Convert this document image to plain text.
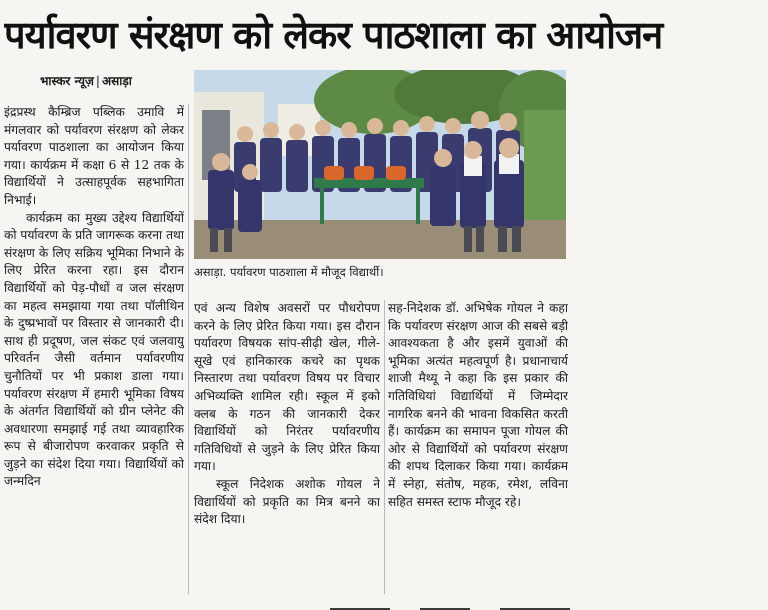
पर्यावरण संरक्षण को लेकर पाठशाला का आयोजन
भास्कर न्यूज़ | असाड़ा

इंद्रप्रस्थ कैम्ब्रिज पब्लिक उमावि में मंगलवार को पर्यावरण संरक्षण को लेकर पर्यावरण पाठशाला का आयोजन किया गया। कार्यक्रम में कक्षा 6 से 12 तक के विद्यार्थियों ने उत्साहपूर्वक सहभागिता निभाई।

कार्यक्रम का मुख्य उद्देश्य विद्यार्थियों को पर्यावरण के प्रति जागरूक करना तथा संरक्षण के लिए सक्रिय भूमिका निभाने के लिए प्रेरित करना रहा। इस दौरान विद्यार्थियों को पेड़-पौधों व जल संरक्षण का महत्व समझाया गया तथा पॉलीथिन के दुष्प्रभावों पर विस्तार से जानकारी दी। साथ ही प्रदूषण, जल संकट एवं जलवायु परिवर्तन जैसी वर्तमान पर्यावरणीय चुनौतियों पर भी प्रकाश डाला गया। पर्यावरण संरक्षण में हमारी भूमिका विषय के अंतर्गत विद्यार्थियों को ग्रीन प्लेनेट की अवधारणा समझाई गई तथा व्यावहारिक रूप से बीजारोपण करवाकर प्रकृति से जुड़ने का संदेश दिया गया। विद्यार्थियों को जन्मदिन

असाड़ा. पर्यावरण पाठशाला में मौजूद विद्यार्थी।

एवं अन्य विशेष अवसरों पर पौधरोपण करने के लिए प्रेरित किया गया। इस दौरान पर्यावरण विषयक सांप-सीढ़ी खेल, गीले-सूखे एवं हानिकारक कचरे का पृथक निस्तारण तथा पर्यावरण विषय पर विचार अभिव्यक्ति शामिल रही। स्कूल में इको क्लब के गठन की जानकारी देकर विद्यार्थियों को निरंतर पर्यावरणीय गतिविधियों से जुड़ने के लिए प्रेरित किया गया।

स्कूल निदेशक अशोक गोयल ने विद्यार्थियों को प्रकृति का मित्र बनने का संदेश दिया।

सह-निदेशक डॉ. अभिषेक गोयल ने कहा कि पर्यावरण संरक्षण आज की सबसे बड़ी आवश्यकता है और इसमें युवाओं की भूमिका अत्यंत महत्वपूर्ण है। प्रधानाचार्य शाजी मैथ्यू ने कहा कि इस प्रकार की गतिविधियां विद्यार्थियों में जिम्मेदार नागरिक बनने की भावना विकसित करती हैं। कार्यक्रम का समापन पूजा गोयल की ओर से विद्यार्थियों को पर्यावरण संरक्षण की शपथ दिलाकर किया गया। कार्यक्रम में स्नेहा, संतोष, महक, रमेश, लविना सहित समस्त स्टाफ मौजूद रहे।
